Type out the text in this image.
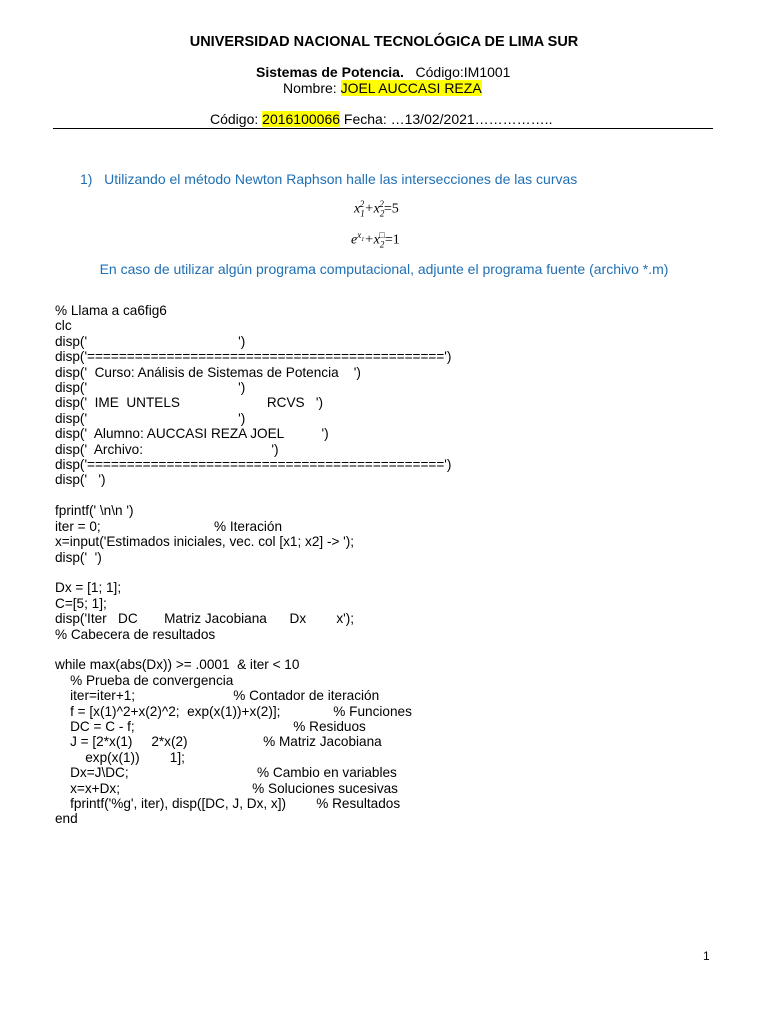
UNIVERSIDAD NACIONAL TECNOLÓGICA DE LIMA SUR
Sistemas de Potencia. Código:IM1001
Nombre: JOEL AUCCASI REZA
Código: 2016100066 Fecha: …13/02/2021……………..
1) Utilizando el método Newton Raphson halle las intersecciones de las curvas
$x_1^2+x_2^2=5$
$e^{x_1}+x_2^□=1$
En caso de utilizar algún programa computacional, adjunte el programa fuente (archivo *.m)
% Llama a ca6fig6
clc
disp('                                        ')
disp('=============================================')
disp('  Curso: Análisis de Sistemas de Potencia    ')
disp('                                        ')
disp('  IME  UNTELS                       RCVS   ')
disp('                                        ')
disp('  Alumno: AUCCASI REZA JOEL          ')
disp('  Archivo:                                  ')
disp('=============================================')
disp('   ')

fprintf(' \n\n ')
iter = 0;                              % Iteración
x=input('Estimados iniciales, vec. col [x1; x2] -> ');
disp('  ')

Dx = [1; 1];
C=[5; 1];
disp('Iter   DC       Matriz Jacobiana      Dx        x');
% Cabecera de resultados

while max(abs(Dx)) >= .0001  & iter < 10
% Prueba de convergencia
iter=iter+1;                          % Contador de iteración
f = [x(1)^2+x(2)^2;  exp(x(1))+x(2)];              % Funciones
DC = C - f;                                          % Residuos
J = [2*x(1)     2*x(2)                    % Matriz Jacobiana
exp(x(1))        1];
Dx=J\DC;                                  % Cambio en variables
x=x+Dx;                                   % Soluciones sucesivas
fprintf('%g', iter), disp([DC, J, Dx, x])        % Resultados
end
1
